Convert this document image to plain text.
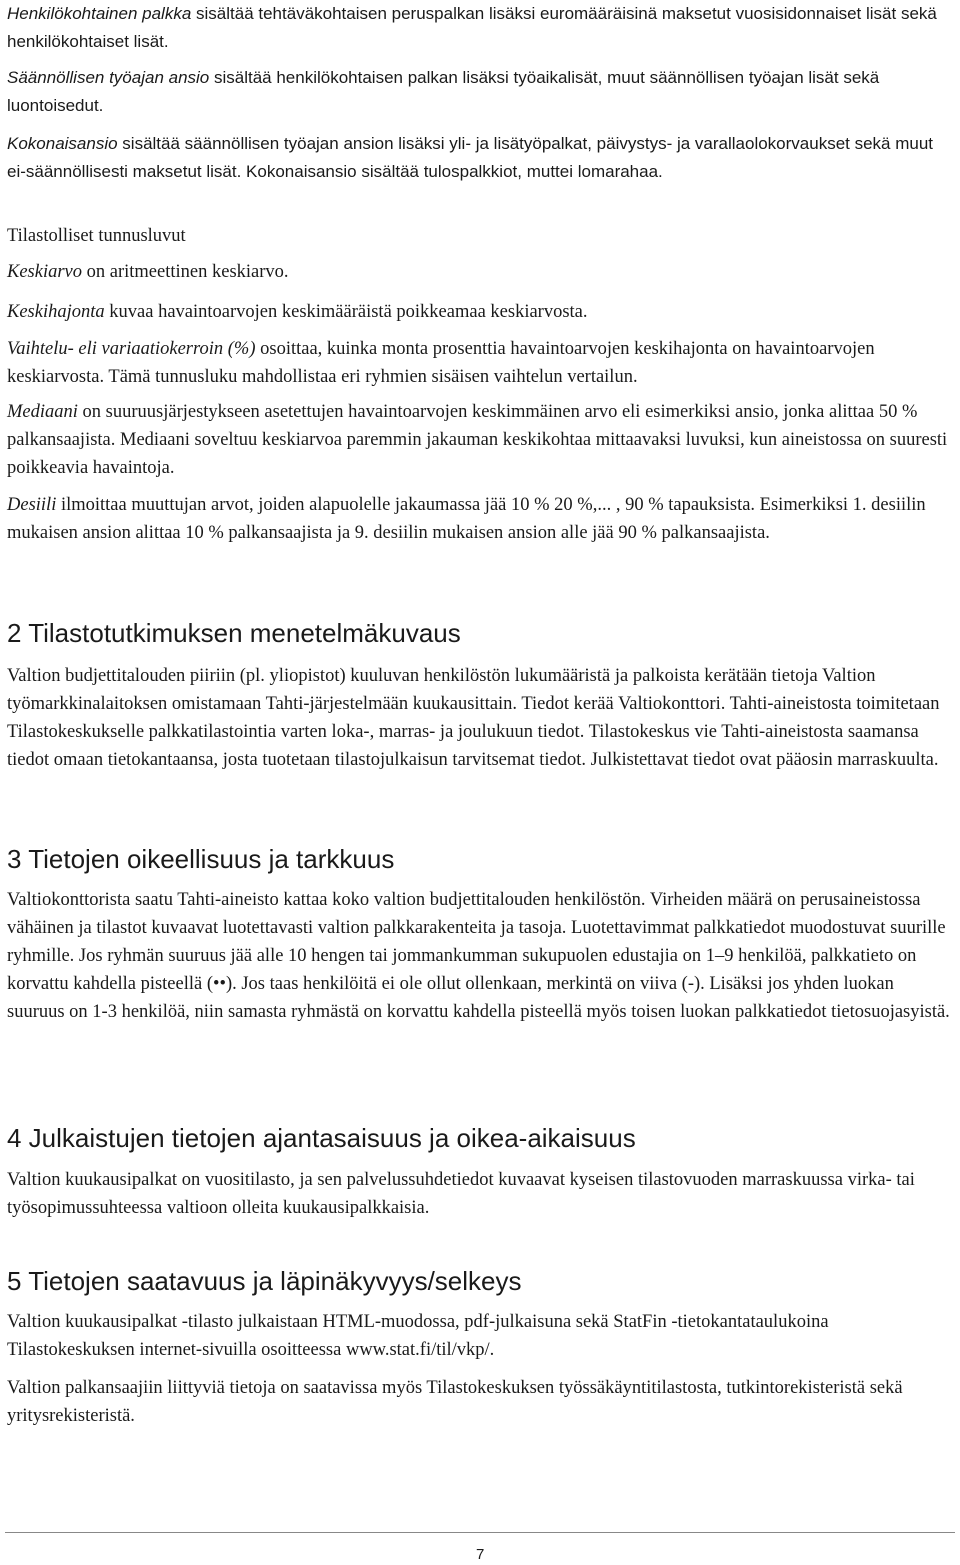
Henkilökohtainen palkka sisältää tehtäväkohtaisen peruspalkan lisäksi euromääräisinä maksetut vuosisidonnaiset lisät sekä henkilökohtaiset lisät.

Säännöllisen työajan ansio sisältää henkilökohtaisen palkan lisäksi työaikalisät, muut säännöllisen työajan lisät sekä luontoisedut.

Kokonaisansio sisältää säännöllisen työajan ansion lisäksi yli- ja lisätyöpalkat, päivystys- ja varallaolokorvaukset sekä muut ei-säännöllisesti maksetut lisät. Kokonaisansio sisältää tulospalkkiot, muttei lomarahaa.

Tilastolliset tunnusluvut

Keskiarvo on aritmeettinen keskiarvo.

Keskihajonta kuvaa havaintoarvojen keskimääräistä poikkeamaa keskiarvosta.

Vaihtelu- eli variaatiokerroin (%) osoittaa, kuinka monta prosenttia havaintoarvojen keskihajonta on havaintoarvojen keskiarvosta. Tämä tunnusluku mahdollistaa eri ryhmien sisäisen vaihtelun vertailun.

Mediaani on suuruusjärjestykseen asetettujen havaintoarvojen keskimmäinen arvo eli esimerkiksi ansio, jonka alittaa 50 % palkansaajista. Mediaani soveltuu keskiarvoa paremmin jakauman keskikohtaa mittaavaksi luvuksi, kun aineistossa on suuresti poikkeavia havaintoja.

Desiili ilmoittaa muuttujan arvot, joiden alapuolelle jakaumassa jää 10 % 20 %,... , 90 % tapauksista. Esimerkiksi 1. desiilin mukaisen ansion alittaa 10 % palkansaajista ja 9. desiilin mukaisen ansion alle jää 90 % palkansaajista.

2 Tilastotutkimuksen menetelmäkuvaus

Valtion budjettitalouden piiriin (pl. yliopistot) kuuluvan henkilöstön lukumääristä ja palkoista kerätään tietoja Valtion työmarkkinalaitoksen omistamaan Tahti-järjestelmään kuukausittain. Tiedot kerää Valtiokonttori. Tahti-aineistosta toimitetaan Tilastokeskukselle palkkatilastointia varten loka-, marras- ja joulukuun tiedot. Tilastokeskus vie Tahti-aineistosta saamansa tiedot omaan tietokantaansa, josta tuotetaan tilastojulkaisun tarvitsemat tiedot. Julkistettavat tiedot ovat pääosin marraskuulta.

3 Tietojen oikeellisuus ja tarkkuus

Valtiokonttorista saatu Tahti-aineisto kattaa koko valtion budjettitalouden henkilöstön. Virheiden määrä on perusaineistossa vähäinen ja tilastot kuvaavat luotettavasti valtion palkkarakenteita ja tasoja. Luotettavimmat palkkatiedot muodostuvat suurille ryhmille. Jos ryhmän suuruus jää alle 10 hengen tai jommankumman sukupuolen edustajia on 1–9 henkilöä, palkkatieto on korvattu kahdella pisteellä (••). Jos taas henkilöitä ei ole ollut ollenkaan, merkintä on viiva (-). Lisäksi jos yhden luokan suuruus on 1-3 henkilöä, niin samasta ryhmästä on korvattu kahdella pisteellä myös toisen luokan palkkatiedot tietosuojasyistä.

4 Julkaistujen tietojen ajantasaisuus ja oikea-aikaisuus

Valtion kuukausipalkat on vuositilasto, ja sen palvelussuhdetiedot kuvaavat kyseisen tilastovuoden marraskuussa virka- tai työsopimussuhteessa valtioon olleita kuukausipalkkaisia.

5 Tietojen saatavuus ja läpinäkyvyys/selkeys

Valtion kuukausipalkat -tilasto julkaistaan HTML-muodossa, pdf-julkaisuna sekä StatFin -tietokantataulukoina Tilastokeskuksen internet-sivuilla osoitteessa www.stat.fi/til/vkp/.

Valtion palkansaajiin liittyviä tietoja on saatavissa myös Tilastokeskuksen työssäkäyntitilastosta, tutkintorekisteristä sekä yritysrekisteristä.

7
